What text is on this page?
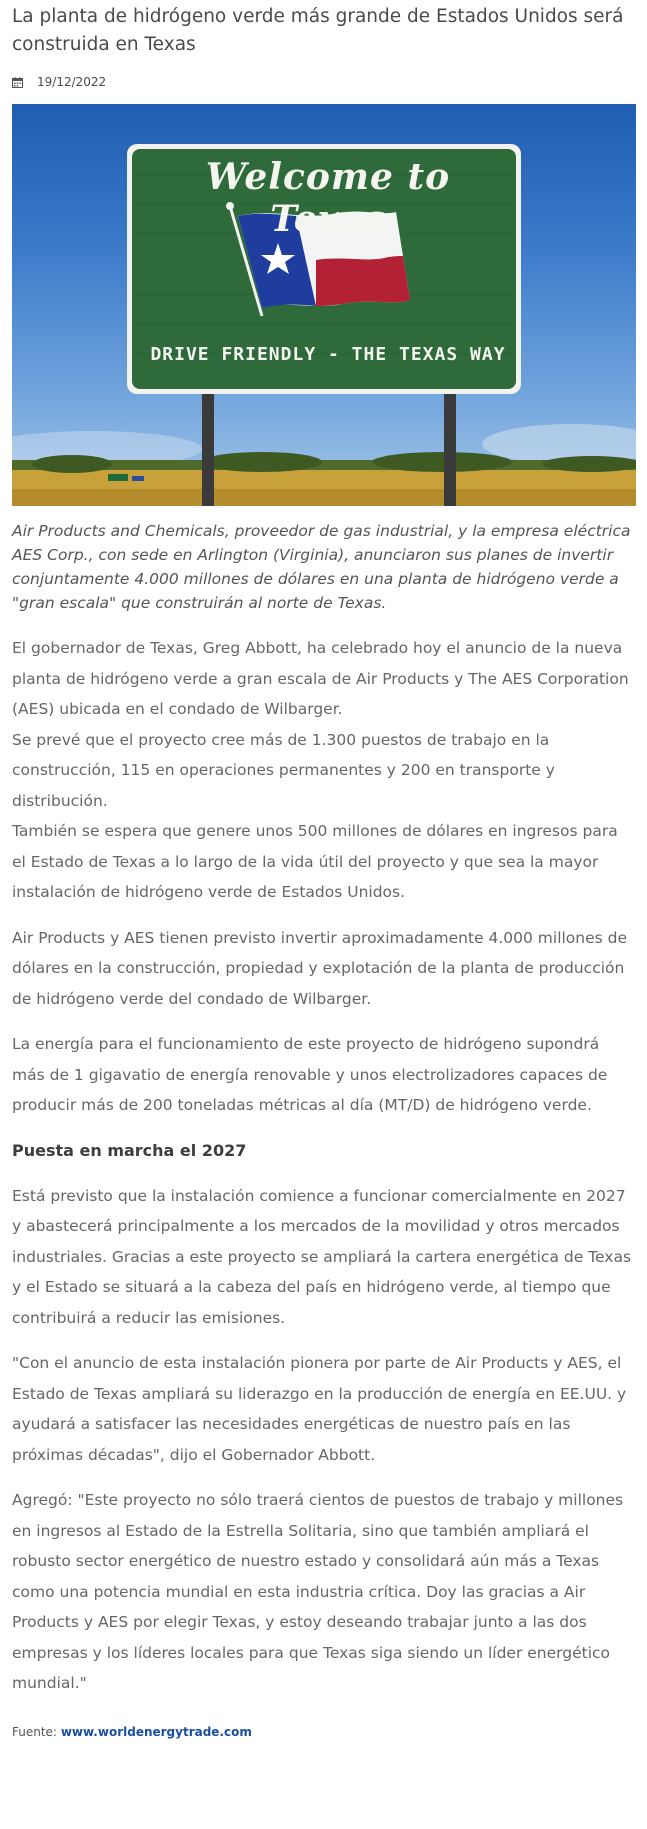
La planta de hidrógeno verde más grande de Estados Unidos será construida en Texas
19/12/2022
Welcome to Texas
DRIVE FRIENDLY - THE TEXAS WAY

Air Products and Chemicals, proveedor de gas industrial, y la empresa eléctrica AES Corp., con sede en Arlington (Virginia), anunciaron sus planes de invertir conjuntamente 4.000 millones de dólares en una planta de hidrógeno verde a "gran escala" que construirán al norte de Texas.

El gobernador de Texas, Greg Abbott, ha celebrado hoy el anuncio de la nueva planta de hidrógeno verde a gran escala de Air Products y The AES Corporation (AES) ubicada en el condado de Wilbarger.

Se prevé que el proyecto cree más de 1.300 puestos de trabajo en la construcción, 115 en operaciones permanentes y 200 en transporte y distribución.

También se espera que genere unos 500 millones de dólares en ingresos para el Estado de Texas a lo largo de la vida útil del proyecto y que sea la mayor instalación de hidrógeno verde de Estados Unidos.

Air Products y AES tienen previsto invertir aproximadamente 4.000 millones de dólares en la construcción, propiedad y explotación de la planta de producción de hidrógeno verde del condado de Wilbarger.

La energía para el funcionamiento de este proyecto de hidrógeno supondrá más de 1 gigavatio de energía renovable y unos electrolizadores capaces de producir más de 200 toneladas métricas al día (MT/D) de hidrógeno verde.

Puesta en marcha el 2027

Está previsto que la instalación comience a funcionar comercialmente en 2027 y abastecerá principalmente a los mercados de la movilidad y otros mercados industriales. Gracias a este proyecto se ampliará la cartera energética de Texas y el Estado se situará a la cabeza del país en hidrógeno verde, al tiempo que contribuirá a reducir las emisiones.

"Con el anuncio de esta instalación pionera por parte de Air Products y AES, el Estado de Texas ampliará su liderazgo en la producción de energía en EE.UU. y ayudará a satisfacer las necesidades energéticas de nuestro país en las próximas décadas", dijo el Gobernador Abbott.

Agregó: "Este proyecto no sólo traerá cientos de puestos de trabajo y millones en ingresos al Estado de la Estrella Solitaria, sino que también ampliará el robusto sector energético de nuestro estado y consolidará aún más a Texas como una potencia mundial en esta industria crítica. Doy las gracias a Air Products y AES por elegir Texas, y estoy deseando trabajar junto a las dos empresas y los líderes locales para que Texas siga siendo un líder energético mundial."

Fuente: www.worldenergytrade.com
